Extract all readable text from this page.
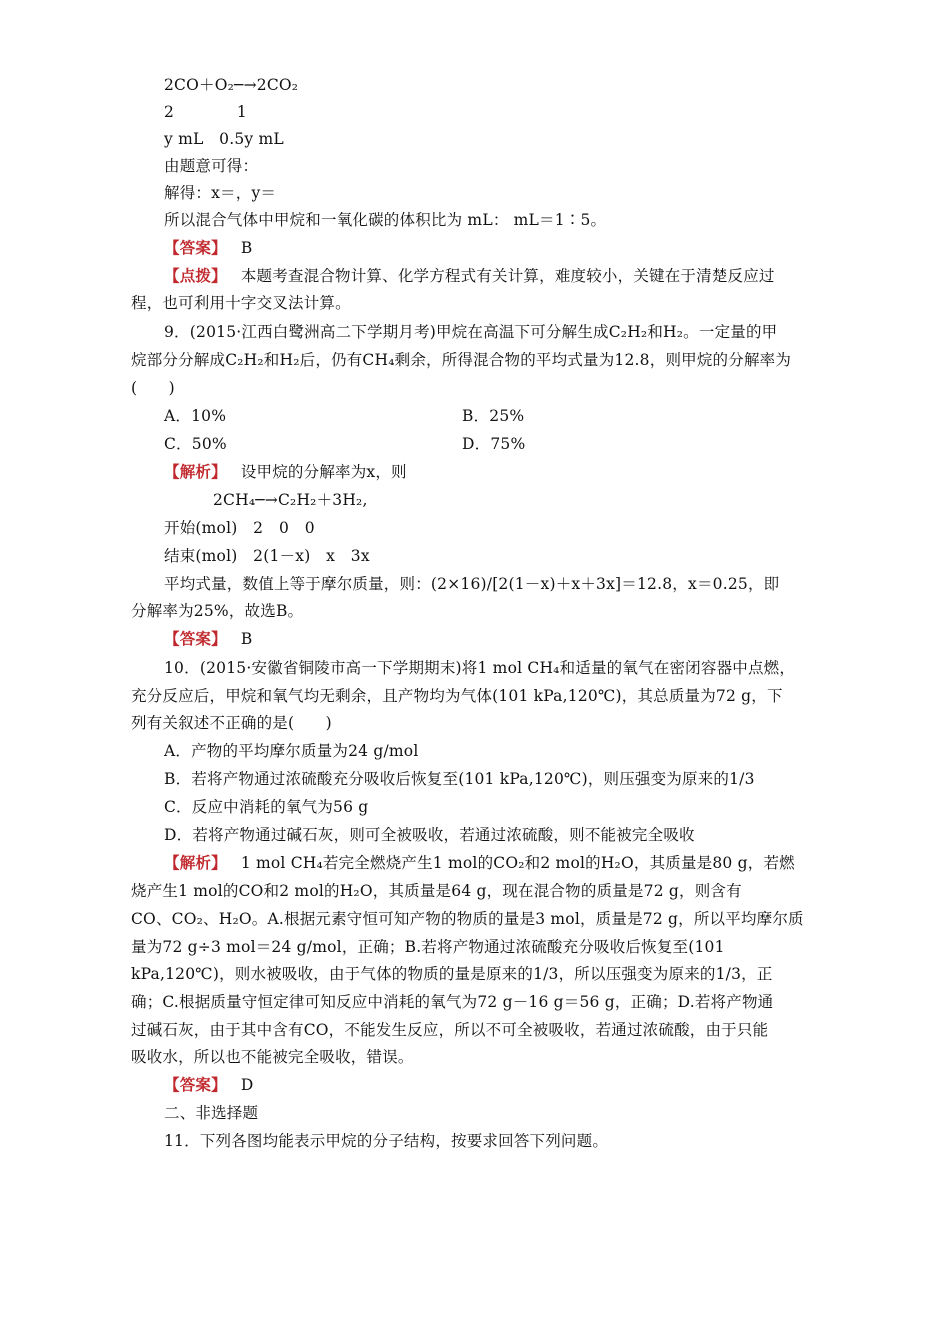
2CO＋O₂─→2CO₂
2　　　　1
y mL　0.5y mL
由题意可得：
解得：x＝，y＝
所以混合气体中甲烷和一氧化碳的体积比为 mL： mL＝1∶5。
【答案】 B
【点拨】 本题考查混合物计算、化学方程式有关计算，难度较小，关键在于清楚反应过
程，也可利用十字交叉法计算。
9．(2015·江西白鹭洲高二下学期月考)甲烷在高温下可分解生成C₂H₂和H₂。一定量的甲
烷部分分解成C₂H₂和H₂后，仍有CH₄剩余，所得混合物的平均式量为12.8，则甲烷的分解率为
(　　)
A．10%	B．25%
C．50%	D．75%
【解析】 设甲烷的分解率为x，则
2CH₄─→C₂H₂＋3H₂,
开始(mol)　2　0　0
结束(mol)　2(1－x)　x　3x
平均式量，数值上等于摩尔质量，则：(2×16)/[2(1－x)＋x＋3x]＝12.8，x＝0.25，即
分解率为25%，故选B。
【答案】 B
10．(2015·安徽省铜陵市高一下学期期末)将1 mol CH₄和适量的氧气在密闭容器中点燃，
充分反应后，甲烷和氧气均无剩余，且产物均为气体(101 kPa,120℃)，其总质量为72 g，下
列有关叙述不正确的是(　　)
A．产物的平均摩尔质量为24 g/mol
B．若将产物通过浓硫酸充分吸收后恢复至(101 kPa,120℃)，则压强变为原来的1/3
C．反应中消耗的氧气为56 g
D．若将产物通过碱石灰，则可全被吸收，若通过浓硫酸，则不能被完全吸收
【解析】 1 mol CH₄若完全燃烧产生1 mol的CO₂和2 mol的H₂O，其质量是80 g，若燃
烧产生1 mol的CO和2 mol的H₂O，其质量是64 g，现在混合物的质量是72 g，则含有
CO、CO₂、H₂O。A.根据元素守恒可知产物的物质的量是3 mol，质量是72 g，所以平均摩尔质
量为72 g÷3 mol＝24 g/mol，正确；B.若将产物通过浓硫酸充分吸收后恢复至(101
kPa,120℃)，则水被吸收，由于气体的物质的量是原来的1/3，所以压强变为原来的1/3，正
确；C.根据质量守恒定律可知反应中消耗的氧气为72 g－16 g＝56 g，正确；D.若将产物通
过碱石灰，由于其中含有CO，不能发生反应，所以不可全被吸收，若通过浓硫酸，由于只能
吸收水，所以也不能被完全吸收，错误。
【答案】 D
二、非选择题
11．下列各图均能表示甲烷的分子结构，按要求回答下列问题。
